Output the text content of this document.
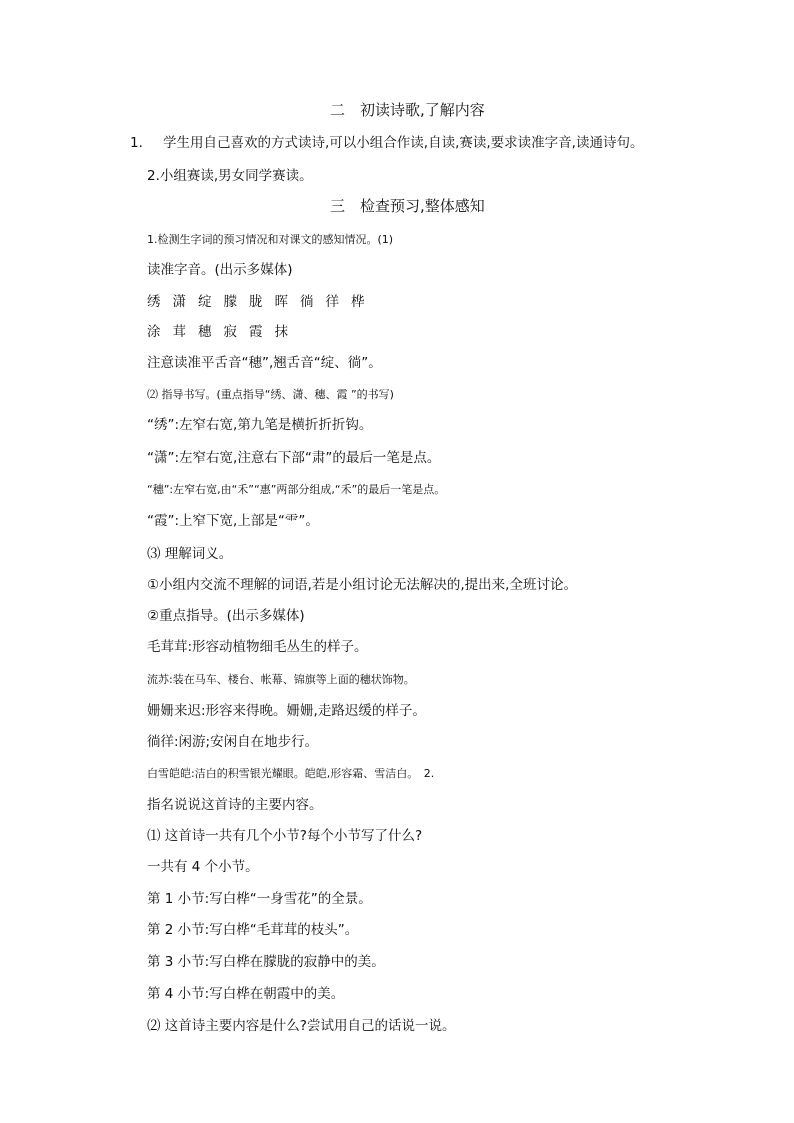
二　初读诗歌,了解内容
1. 学生用自己喜欢的方式读诗,可以小组合作读,自读,赛读,要求读准字音,读通诗句。
2.小组赛读,男女同学赛读。
三　检查预习,整体感知
1.检测生字词的预习情况和对课文的感知情况。(1)
读准字音。(出示多媒体)
绣 潇 绽 朦 胧 晖 徜 徉 桦
涂 茸 穗 寂 霞 抹
注意读准平舌音“穗”,翘舌音“绽、徜”。
⑵ 指导书写。(重点指导“绣、潇、穗、霞 ”的书写)
“绣”:左窄右宽,第九笔是横折折折钩。
“潇”:左窄右宽,注意右下部“肃”的最后一笔是点。
“穗”:左窄右宽,由“禾”“惠”两部分组成,“禾”的最后一笔是点。
“霞”:上窄下宽,上部是“⻗”。
⑶ 理解词义。
①小组内交流不理解的词语,若是小组讨论无法解决的,提出来,全班讨论。
②重点指导。(出示多媒体)
毛茸茸:形容动植物细毛丛生的样子。
流苏:装在马车、楼台、帐幕、锦旗等上面的穗状饰物。
姗姗来迟:形容来得晚。姗姗,走路迟缓的样子。
徜徉:闲游;安闲自在地步行。
白雪皑皑:洁白的积雪银光耀眼。皑皑,形容霜、雪洁白。　2.
指名说说这首诗的主要内容。
⑴ 这首诗一共有几个小节?每个小节写了什么?
一共有 4 个小节。
第 1 小节:写白桦“一身雪花”的全景。
第 2 小节:写白桦“毛茸茸的枝头”。
第 3 小节:写白桦在朦胧的寂静中的美。
第 4 小节:写白桦在朝霞中的美。
⑵ 这首诗主要内容是什么?尝试用自己的话说一说。
